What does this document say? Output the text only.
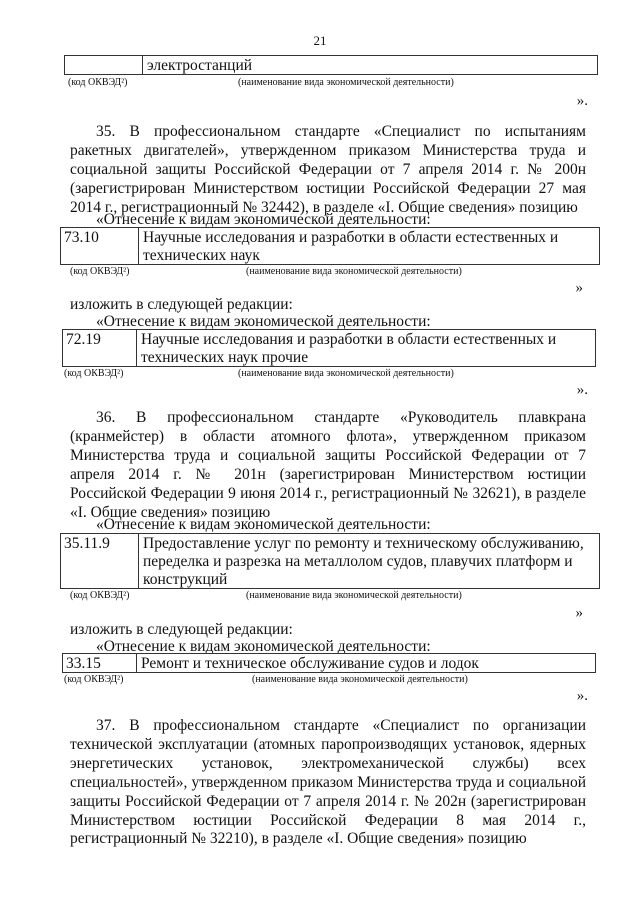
21
электростанций
(код ОКВЭД²)	(наименование вида экономической деятельности)
».
35. В профессиональном стандарте «Специалист по испытаниям ракетных двигателей», утвержденном приказом Министерства труда и социальной защиты Российской Федерации от 7 апреля 2014 г. № 200н (зарегистрирован Министерством юстиции Российской Федерации 27 мая 2014 г., регистрационный № 32442), в разделе «I. Общие сведения» позицию
«Отнесение к видам экономической деятельности:
73.10	Научные исследования и разработки в области естественных и технических наук
(код ОКВЭД²)	(наименование вида экономической деятельности)
»
изложить в следующей редакции:
«Отнесение к видам экономической деятельности:
72.19	Научные исследования и разработки в области естественных и технических наук прочие
(код ОКВЭД²)	(наименование вида экономической деятельности)
».
36. В профессиональном стандарте «Руководитель плавкрана (кранмейстер) в области атомного флота», утвержденном приказом Министерства труда и социальной защиты Российской Федерации от 7 апреля 2014 г. № 201н (зарегистрирован Министерством юстиции Российской Федерации 9 июня 2014 г., регистрационный № 32621), в разделе «I. Общие сведения» позицию
«Отнесение к видам экономической деятельности:
35.11.9	Предоставление услуг по ремонту и техническому обслуживанию, переделка и разрезка на металлолом судов, плавучих платформ и конструкций
(код ОКВЭД²)	(наименование вида экономической деятельности)
»
изложить в следующей редакции:
«Отнесение к видам экономической деятельности:
33.15	Ремонт и техническое обслуживание судов и лодок
(код ОКВЭД²)	(наименование вида экономической деятельности)
».
37. В профессиональном стандарте «Специалист по организации технической эксплуатации (атомных паропроизводящих установок, ядерных энергетических установок, электромеханической службы) всех специальностей», утвержденном приказом Министерства труда и социальной защиты Российской Федерации от 7 апреля 2014 г. № 202н (зарегистрирован Министерством юстиции Российской Федерации 8 мая 2014 г., регистрационный № 32210), в разделе «I. Общие сведения» позицию
